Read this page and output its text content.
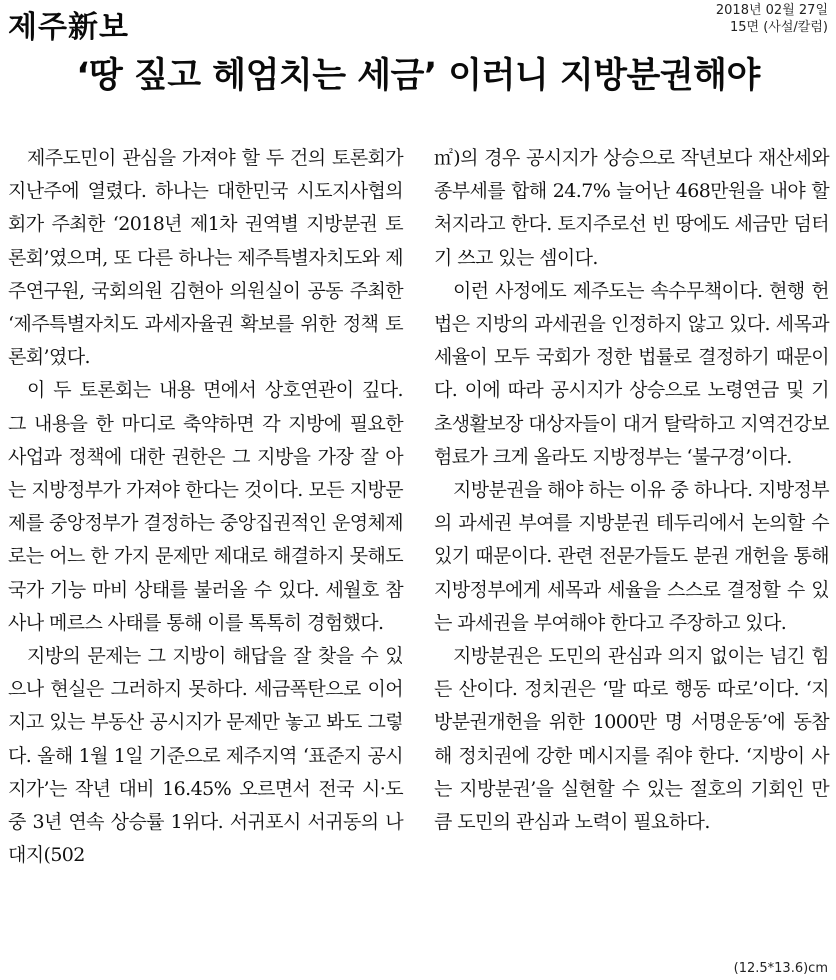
제주新보	2018년 02월 27일
15면 (사설/칼럼)
‘땅 짚고 헤엄치는 세금’ 이러니 지방분권해야

제주도민이 관심을 가져야 할 두 건의 토론회가 지난주에 열렸다. 하나는 대한민국 시도지사협의회가 주최한 ‘2018년 제1차 권역별 지방분권 토론회’였으며, 또 다른 하나는 제주특별자치도와 제주연구원, 국회의원 김현아 의원실이 공동 주최한 ‘제주특별자치도 과세자율권 확보를 위한 정책 토론회’였다.

이 두 토론회는 내용 면에서 상호연관이 깊다. 그 내용을 한 마디로 축약하면 각 지방에 필요한 사업과 정책에 대한 권한은 그 지방을 가장 잘 아는 지방정부가 가져야 한다는 것이다. 모든 지방문제를 중앙정부가 결정하는 중앙집권적인 운영체제로는 어느 한 가지 문제만 제대로 해결하지 못해도 국가 기능 마비 상태를 불러올 수 있다. 세월호 참사나 메르스 사태를 통해 이를 톡톡히 경험했다.

지방의 문제는 그 지방이 해답을 잘 찾을 수 있으나 현실은 그러하지 못하다. 세금폭탄으로 이어지고 있는 부동산 공시지가 문제만 놓고 봐도 그렇다. 올해 1월 1일 기준으로 제주지역 ‘표준지 공시지가’는 작년 대비 16.45% 오르면서 전국 시·도 중 3년 연속 상승률 1위다. 서귀포시 서귀동의 나대지(502

㎡)의 경우 공시지가 상승으로 작년보다 재산세와 종부세를 합해 24.7% 늘어난 468만원을 내야 할 처지라고 한다. 토지주로선 빈 땅에도 세금만 덤터기 쓰고 있는 셈이다.

이런 사정에도 제주도는 속수무책이다. 현행 헌법은 지방의 과세권을 인정하지 않고 있다. 세목과 세율이 모두 국회가 정한 법률로 결정하기 때문이다. 이에 따라 공시지가 상승으로 노령연금 및 기초생활보장 대상자들이 대거 탈락하고 지역건강보험료가 크게 올라도 지방정부는 ‘불구경’이다.

지방분권을 해야 하는 이유 중 하나다. 지방정부의 과세권 부여를 지방분권 테두리에서 논의할 수 있기 때문이다. 관련 전문가들도 분권 개헌을 통해 지방정부에게 세목과 세율을 스스로 결정할 수 있는 과세권을 부여해야 한다고 주장하고 있다.

지방분권은 도민의 관심과 의지 없이는 넘긴 힘든 산이다. 정치권은 ‘말 따로 행동 따로’이다. ‘지방분권개헌을 위한 1000만 명 서명운동’에 동참해 정치권에 강한 메시지를 줘야 한다. ‘지방이 사는 지방분권’을 실현할 수 있는 절호의 기회인 만큼 도민의 관심과 노력이 필요하다.

(12.5*13.6)cm
